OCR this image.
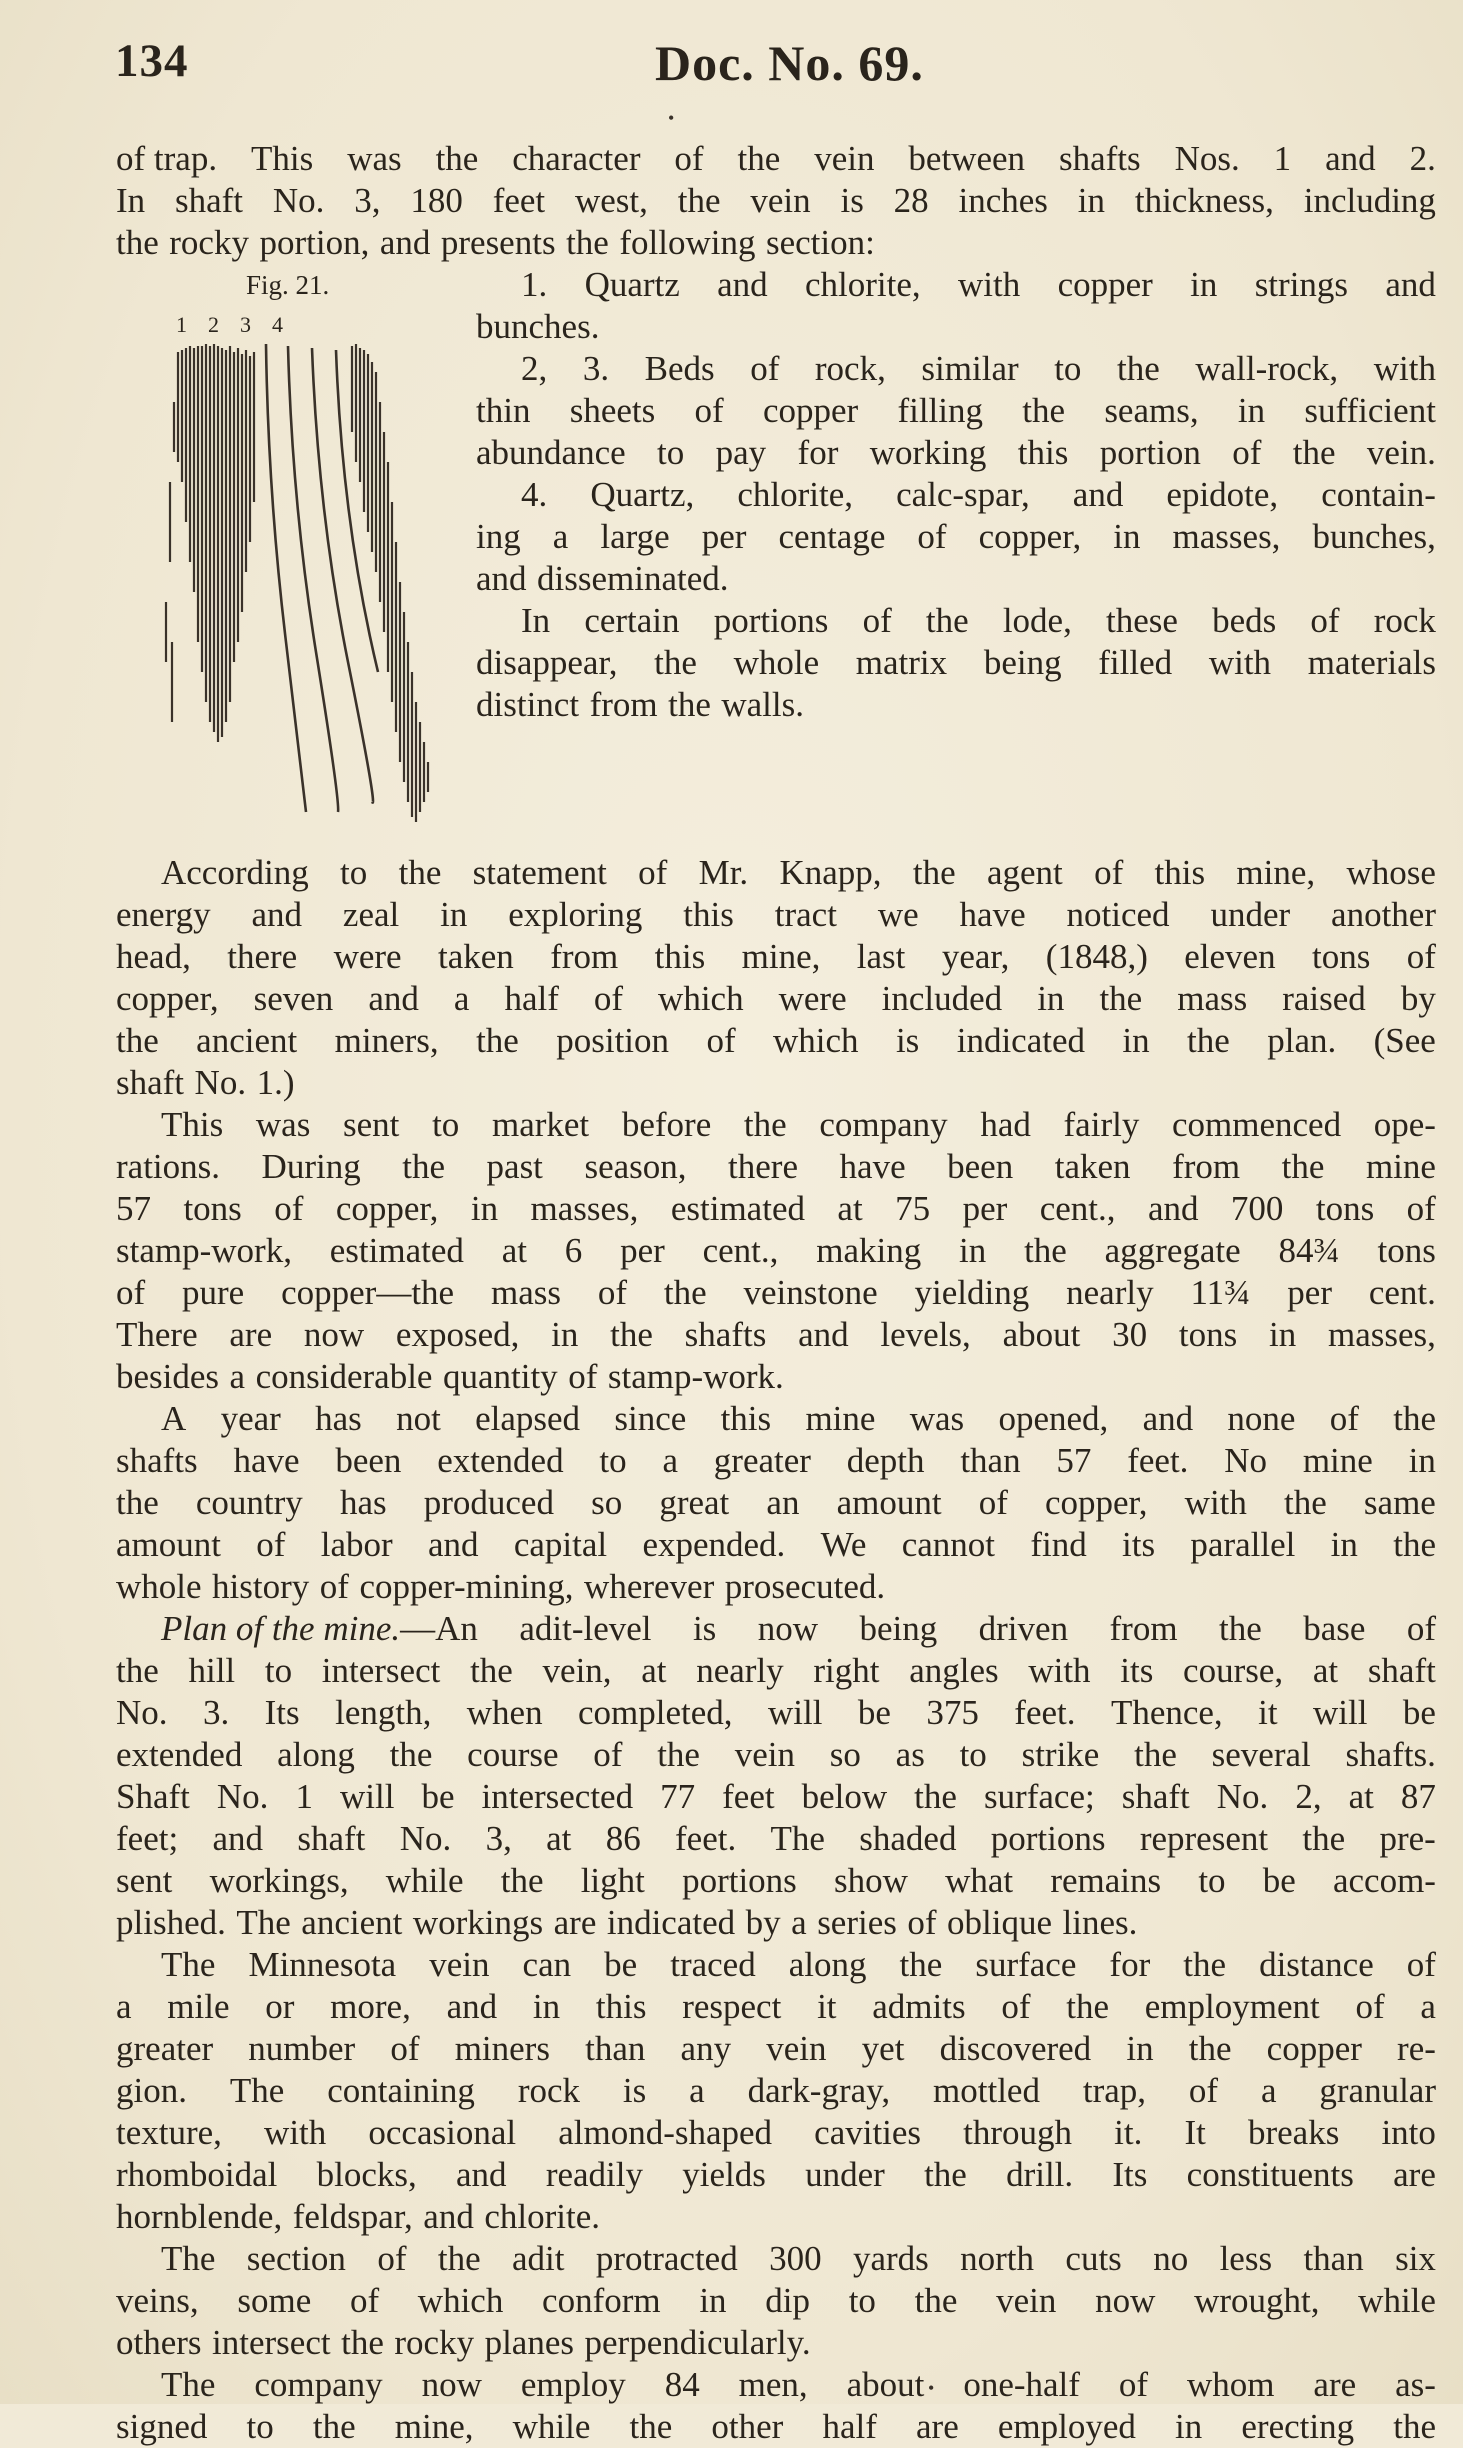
134	Doc. No. 69.
of trap. This was the character of the vein between shafts Nos. 1 and 2.
In shaft No. 3, 180 feet west, the vein is 28 inches in thickness, including
the rocky portion, and presents the following section:
Fig. 21.
1 2 3 4
1. Quartz and chlorite, with copper in strings and
bunches.
2, 3. Beds of rock, similar to the wall-rock, with
thin sheets of copper filling the seams, in sufficient
abundance to pay for working this portion of the vein.
4. Quartz, chlorite, calc-spar, and epidote, contain-
ing a large per centage of copper, in masses, bunches,
and disseminated.
In certain portions of the lode, these beds of rock
disappear, the whole matrix being filled with materials
distinct from the walls.
According to the statement of Mr. Knapp, the agent of this mine, whose
energy and zeal in exploring this tract we have noticed under another
head, there were taken from this mine, last year, (1848,) eleven tons of
copper, seven and a half of which were included in the mass raised by
the ancient miners, the position of which is indicated in the plan. (See
shaft No. 1.)
This was sent to market before the company had fairly commenced ope-
rations. During the past season, there have been taken from the mine
57 tons of copper, in masses, estimated at 75 per cent., and 700 tons of
stamp-work, estimated at 6 per cent., making in the aggregate 84¾ tons
of pure copper—the mass of the veinstone yielding nearly 11¾ per cent.
There are now exposed, in the shafts and levels, about 30 tons in masses,
besides a considerable quantity of stamp-work.
A year has not elapsed since this mine was opened, and none of the
shafts have been extended to a greater depth than 57 feet. No mine in
the country has produced so great an amount of copper, with the same
amount of labor and capital expended. We cannot find its parallel in the
whole history of copper-mining, wherever prosecuted.
Plan of the mine.—An adit-level is now being driven from the base of
the hill to intersect the vein, at nearly right angles with its course, at shaft
No. 3. Its length, when completed, will be 375 feet. Thence, it will be
extended along the course of the vein so as to strike the several shafts.
Shaft No. 1 will be intersected 77 feet below the surface; shaft No. 2, at 87
feet; and shaft No. 3, at 86 feet. The shaded portions represent the pre-
sent workings, while the light portions show what remains to be accom-
plished. The ancient workings are indicated by a series of oblique lines.
The Minnesota vein can be traced along the surface for the distance of
a mile or more, and in this respect it admits of the employment of a
greater number of miners than any vein yet discovered in the copper re-
gion. The containing rock is a dark-gray, mottled trap, of a granular
texture, with occasional almond-shaped cavities through it. It breaks into
rhomboidal blocks, and readily yields under the drill. Its constituents are
hornblende, feldspar, and chlorite.
The section of the adit protracted 300 yards north cuts no less than six
veins, some of which conform in dip to the vein now wrought, while
others intersect the rocky planes perpendicularly.
The company now employ 84 men, about one-half of whom are as-
signed to the mine, while the other half are employed in erecting the
•
•
